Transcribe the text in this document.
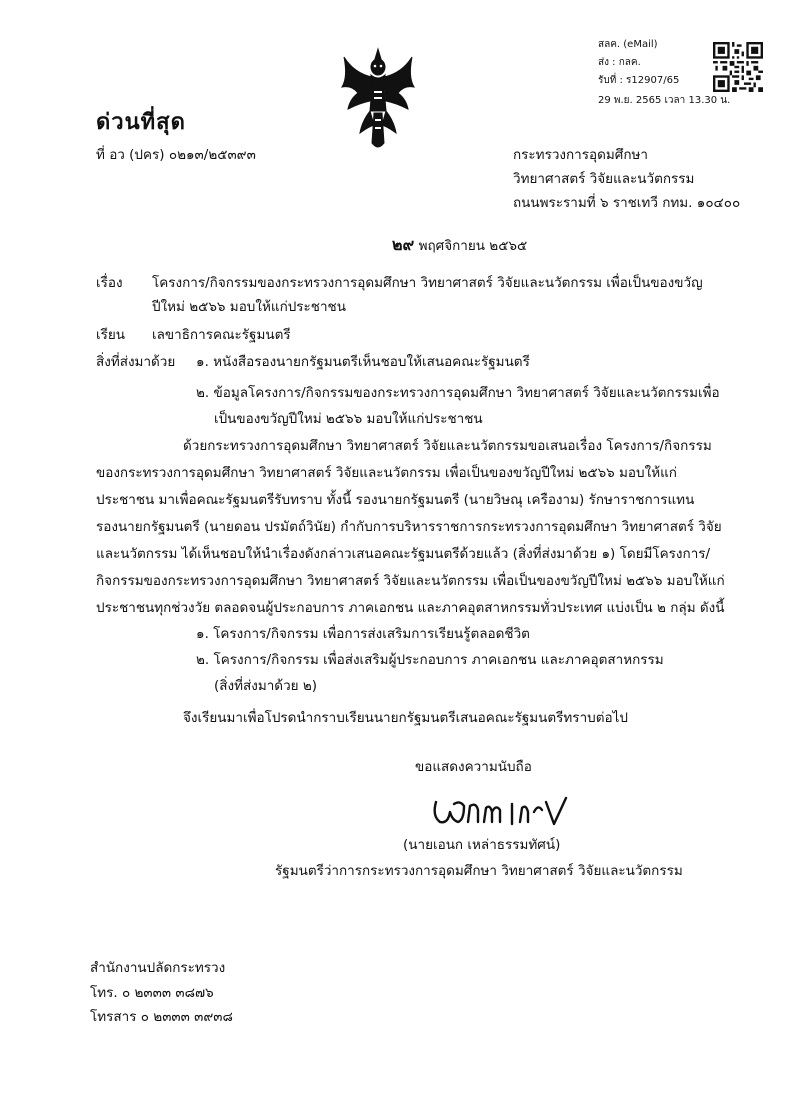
สลค. (eMail)
ส่ง : กลค.
รับที่ : ร12907/65
29 พ.ย. 2565 เวลา 13.30 น.
ด่วนที่สุด
ที่ อว (ปคร) ๐๒๑๓/๒๕๓๙๓	กระทรวงการอุดมศึกษา
วิทยาศาสตร์ วิจัยและนวัตกรรม
ถนนพระรามที่ ๖ ราชเทวี กทม. ๑๐๔๐๐
๒๙ พฤศจิกายน ๒๕๖๕
เรื่อง โครงการ/กิจกรรมของกระทรวงการอุดมศึกษา วิทยาศาสตร์ วิจัยและนวัตกรรม เพื่อเป็นของขวัญ
ปีใหม่ ๒๕๖๖ มอบให้แก่ประชาชน
เรียน เลขาธิการคณะรัฐมนตรี
สิ่งที่ส่งมาด้วย ๑. หนังสือรองนายกรัฐมนตรีเห็นชอบให้เสนอคณะรัฐมนตรี
๒. ข้อมูลโครงการ/กิจกรรมของกระทรวงการอุดมศึกษา วิทยาศาสตร์ วิจัยและนวัตกรรมเพื่อ
เป็นของขวัญปีใหม่ ๒๕๖๖ มอบให้แก่ประชาชน
ด้วยกระทรวงการอุดมศึกษา วิทยาศาสตร์ วิจัยและนวัตกรรมขอเสนอเรื่อง โครงการ/กิจกรรม
ของกระทรวงการอุดมศึกษา วิทยาศาสตร์ วิจัยและนวัตกรรม เพื่อเป็นของขวัญปีใหม่ ๒๕๖๖ มอบให้แก่
ประชาชน มาเพื่อคณะรัฐมนตรีรับทราบ ทั้งนี้ รองนายกรัฐมนตรี (นายวิษณุ เครืองาม) รักษาราชการแทน
รองนายกรัฐมนตรี (นายดอน ปรมัตถ์วินัย) กำกับการบริหารราชการกระทรวงการอุดมศึกษา วิทยาศาสตร์ วิจัย
และนวัตกรรม ได้เห็นชอบให้นำเรื่องดังกล่าวเสนอคณะรัฐมนตรีด้วยแล้ว (สิ่งที่ส่งมาด้วย ๑) โดยมีโครงการ/
กิจกรรมของกระทรวงการอุดมศึกษา วิทยาศาสตร์ วิจัยและนวัตกรรม เพื่อเป็นของขวัญปีใหม่ ๒๕๖๖ มอบให้แก่
ประชาชนทุกช่วงวัย ตลอดจนผู้ประกอบการ ภาคเอกชน และภาคอุตสาหกรรมทั่วประเทศ แบ่งเป็น ๒ กลุ่ม ดังนี้
๑. โครงการ/กิจกรรม เพื่อการส่งเสริมการเรียนรู้ตลอดชีวิต
๒. โครงการ/กิจกรรม เพื่อส่งเสริมผู้ประกอบการ ภาคเอกชน และภาคอุตสาหกรรม
(สิ่งที่ส่งมาด้วย ๒)
จึงเรียนมาเพื่อโปรดนำกราบเรียนนายกรัฐมนตรีเสนอคณะรัฐมนตรีทราบต่อไป
ขอแสดงความนับถือ
(นายเอนก เหล่าธรรมทัศน์)
รัฐมนตรีว่าการกระทรวงการอุดมศึกษา วิทยาศาสตร์ วิจัยและนวัตกรรม
สำนักงานปลัดกระทรวง
โทร. ๐ ๒๓๓๓ ๓๘๗๖
โทรสาร ๐ ๒๓๓๓ ๓๙๓๘
